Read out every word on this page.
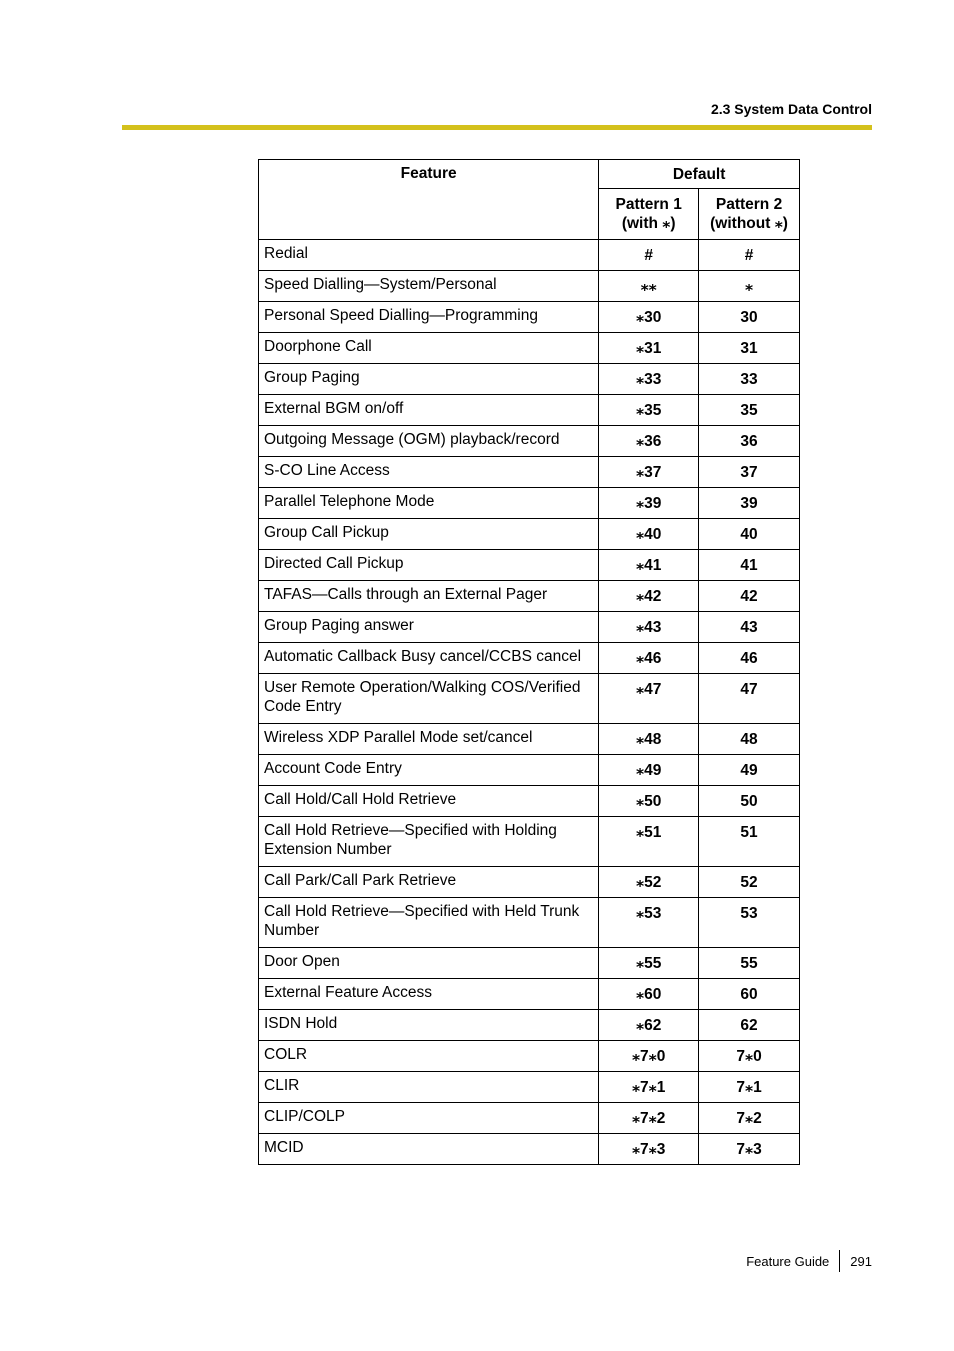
2.3 System Data Control
Feature	Default	
	Pattern 1 (with ⁎)	Pattern 2 (without ⁎)
Redial	#	#
Speed Dialling—System/Personal	⁎⁎	⁎
Personal Speed Dialling—Programming	⁎30	30
Doorphone Call	⁎31	31
Group Paging	⁎33	33
External BGM on/off	⁎35	35
Outgoing Message (OGM) playback/record	⁎36	36
S-CO Line Access	⁎37	37
Parallel Telephone Mode	⁎39	39
Group Call Pickup	⁎40	40
Directed Call Pickup	⁎41	41
TAFAS—Calls through an External Pager	⁎42	42
Group Paging answer	⁎43	43
Automatic Callback Busy cancel/CCBS cancel	⁎46	46
User Remote Operation/Walking COS/Verified Code Entry	⁎47	47
Wireless XDP Parallel Mode set/cancel	⁎48	48
Account Code Entry	⁎49	49
Call Hold/Call Hold Retrieve	⁎50	50
Call Hold Retrieve—Specified with Holding Extension Number	⁎51	51
Call Park/Call Park Retrieve	⁎52	52
Call Hold Retrieve—Specified with Held Trunk Number	⁎53	53
Door Open	⁎55	55
External Feature Access	⁎60	60
ISDN Hold	⁎62	62
COLR	⁎7⁎0	7⁎0
CLIR	⁎7⁎1	7⁎1
CLIP/COLP	⁎7⁎2	7⁎2
MCID	⁎7⁎3	7⁎3
Feature Guide 291
